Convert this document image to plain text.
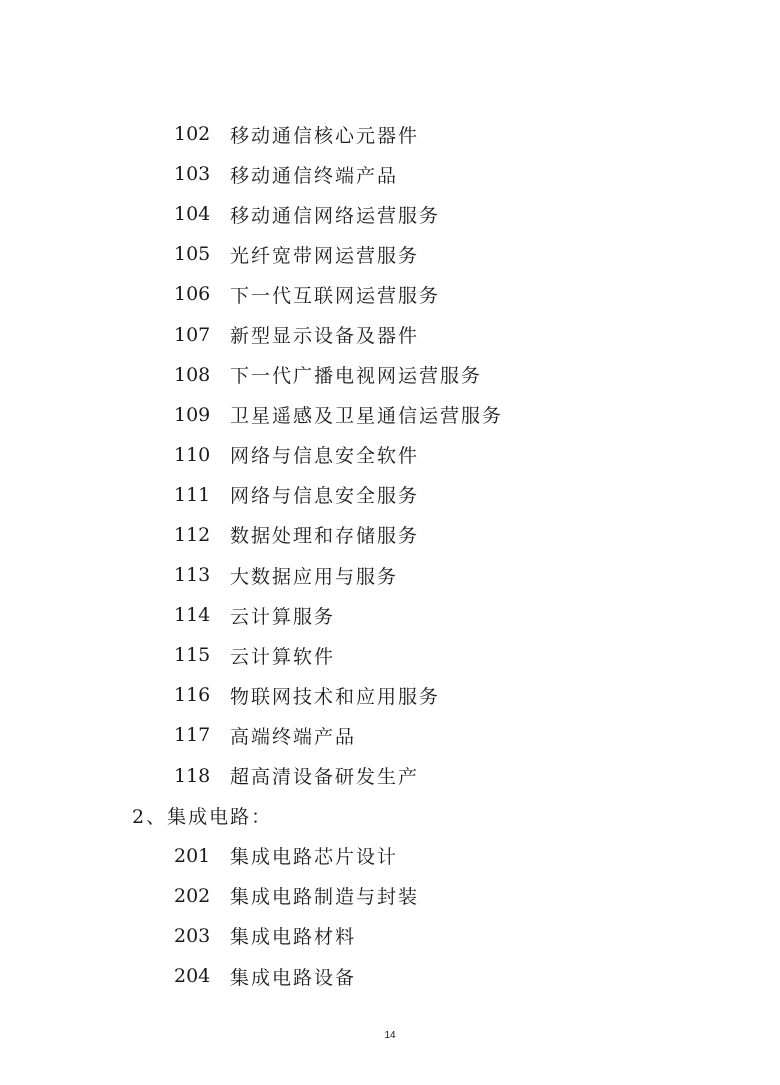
102	移动通信核心元器件
103	移动通信终端产品
104	移动通信网络运营服务
105	光纤宽带网运营服务
106	下一代互联网运营服务
107	新型显示设备及器件
108	下一代广播电视网运营服务
109	卫星遥感及卫星通信运营服务
110	网络与信息安全软件
111	网络与信息安全服务
112	数据处理和存储服务
113	大数据应用与服务
114	云计算服务
115	云计算软件
116	物联网技术和应用服务
117	高端终端产品
118	超高清设备研发生产
2、集成电路：
201	集成电路芯片设计
202	集成电路制造与封装
203	集成电路材料
204	集成电路设备
14
